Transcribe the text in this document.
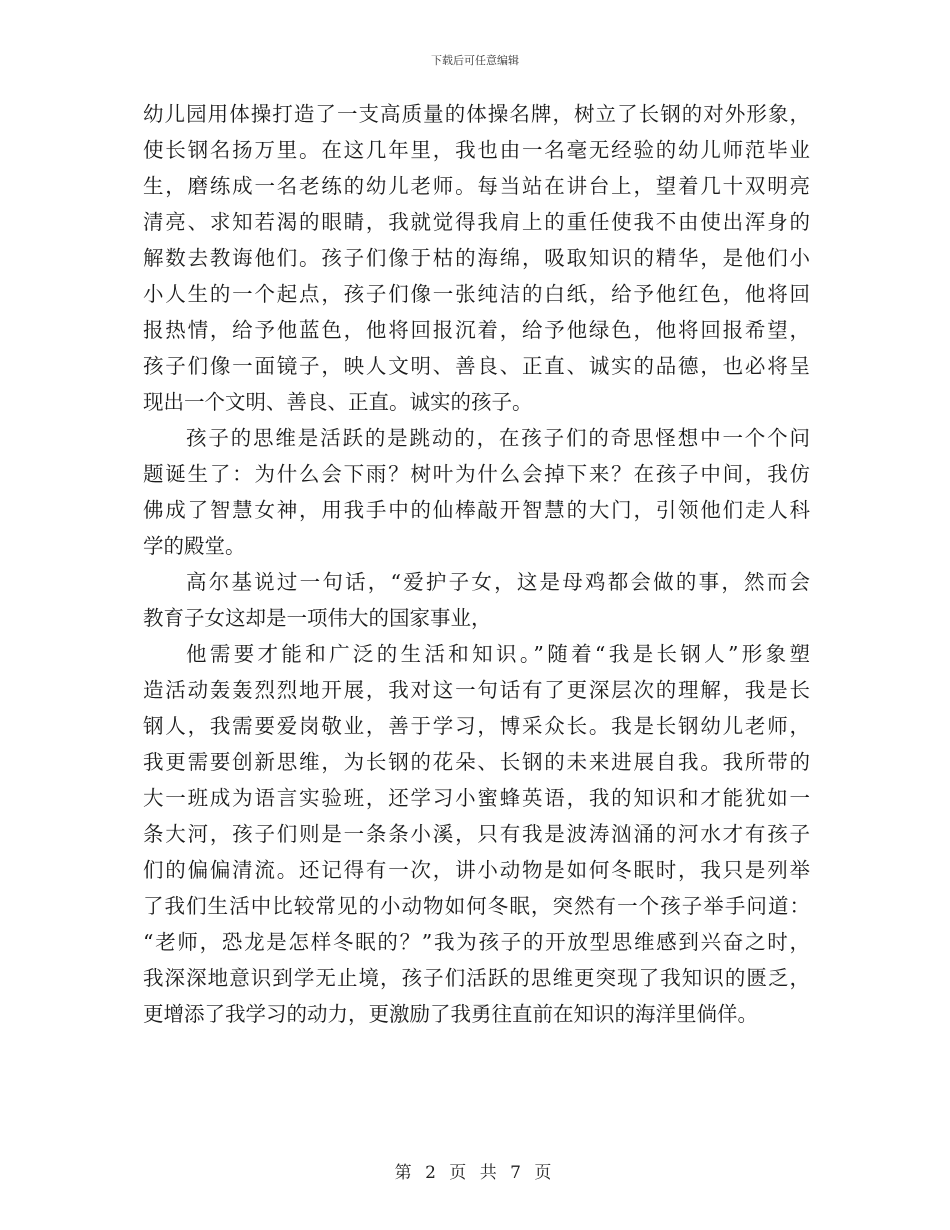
下载后可任意编辑
幼儿园用体操打造了一支高质量的体操名牌，树立了长钢的对外形象，
使长钢名扬万里。在这几年里，我也由一名毫无经验的幼儿师范毕业
生，磨练成一名老练的幼儿老师。每当站在讲台上，望着几十双明亮
清亮、求知若渴的眼睛，我就觉得我肩上的重任使我不由使出浑身的
解数去教诲他们。孩子们像于枯的海绵，吸取知识的精华，是他们小
小人生的一个起点，孩子们像一张纯洁的白纸，给予他红色，他将回
报热情，给予他蓝色，他将回报沉着，给予他绿色，他将回报希望，
孩子们像一面镜子，映人文明、善良、正直、诚实的品德，也必将呈
现出一个文明、善良、正直。诚实的孩子。
孩子的思维是活跃的是跳动的，在孩子们的奇思怪想中一个个问
题诞生了：为什么会下雨？树叶为什么会掉下来？在孩子中间，我仿
佛成了智慧女神，用我手中的仙棒敲开智慧的大门，引领他们走人科
学的殿堂。
高尔基说过一句话，“爱护子女，这是母鸡都会做的事，然而会
教育子女这却是一项伟大的国家事业，
他需要才能和广泛的生活和知识。”随着“我是长钢人”形象塑
造活动轰轰烈烈地开展，我对这一句话有了更深层次的理解，我是长
钢人，我需要爱岗敬业，善于学习，博采众长。我是长钢幼儿老师，
我更需要创新思维，为长钢的花朵、长钢的未来进展自我。我所带的
大一班成为语言实验班，还学习小蜜蜂英语，我的知识和才能犹如一
条大河，孩子们则是一条条小溪，只有我是波涛汹涌的河水才有孩子
们的偏偏清流。还记得有一次，讲小动物是如何冬眠时，我只是列举
了我们生活中比较常见的小动物如何冬眠，突然有一个孩子举手问道：
“老师，恐龙是怎样冬眠的？”我为孩子的开放型思维感到兴奋之时，
我深深地意识到学无止境，孩子们活跃的思维更突现了我知识的匮乏，
更增添了我学习的动力，更激励了我勇往直前在知识的海洋里倘佯。
第 2 页 共 7 页
